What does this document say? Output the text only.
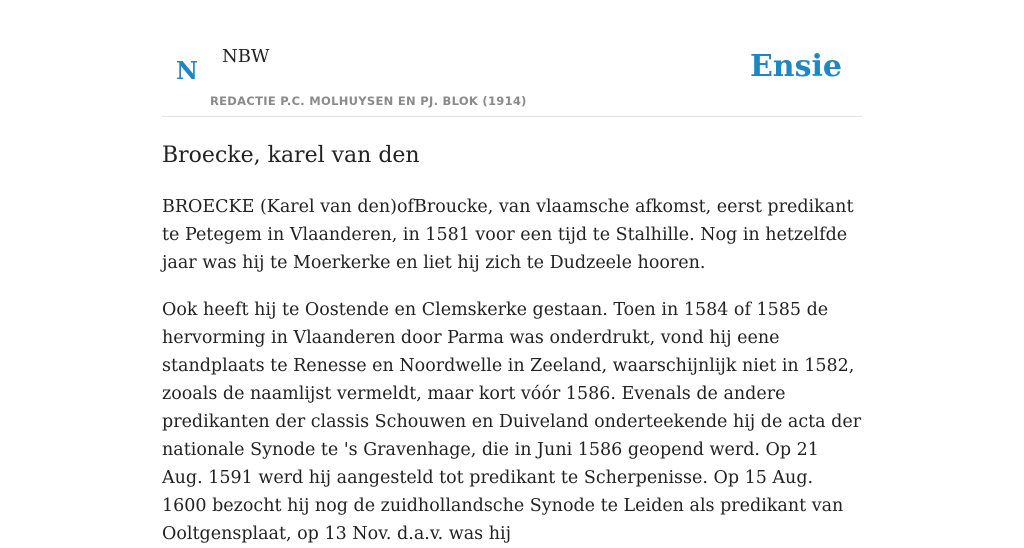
N NBW
REDACTIE P.C. MOLHUYSEN EN PJ. BLOK (1914)
Ensie
Broecke, karel van den

BROECKE (Karel van den)ofBroucke, van vlaamsche afkomst, eerst predikant te Petegem in Vlaanderen, in 1581 voor een tijd te Stalhille. Nog in hetzelfde jaar was hij te Moerkerke en liet hij zich te Dudzeele hooren.

Ook heeft hij te Oostende en Clemskerke gestaan. Toen in 1584 of 1585 de hervorming in Vlaanderen door Parma was onderdrukt, vond hij eene standplaats te Renesse en Noordwelle in Zeeland, waarschijnlijk niet in 1582, zooals de naamlijst vermeldt, maar kort vóór 1586. Evenals de andere predikanten der classis Schouwen en Duiveland onderteekende hij de acta der nationale Synode te 's Gravenhage, die in Juni 1586 geopend werd. Op 21 Aug. 1591 werd hij aangesteld tot predikant te Scherpenisse. Op 15 Aug. 1600 bezocht hij nog de zuidhollandsche Synode te Leiden als predikant van Ooltgensplaat, op 13 Nov. d.a.v. was hij
